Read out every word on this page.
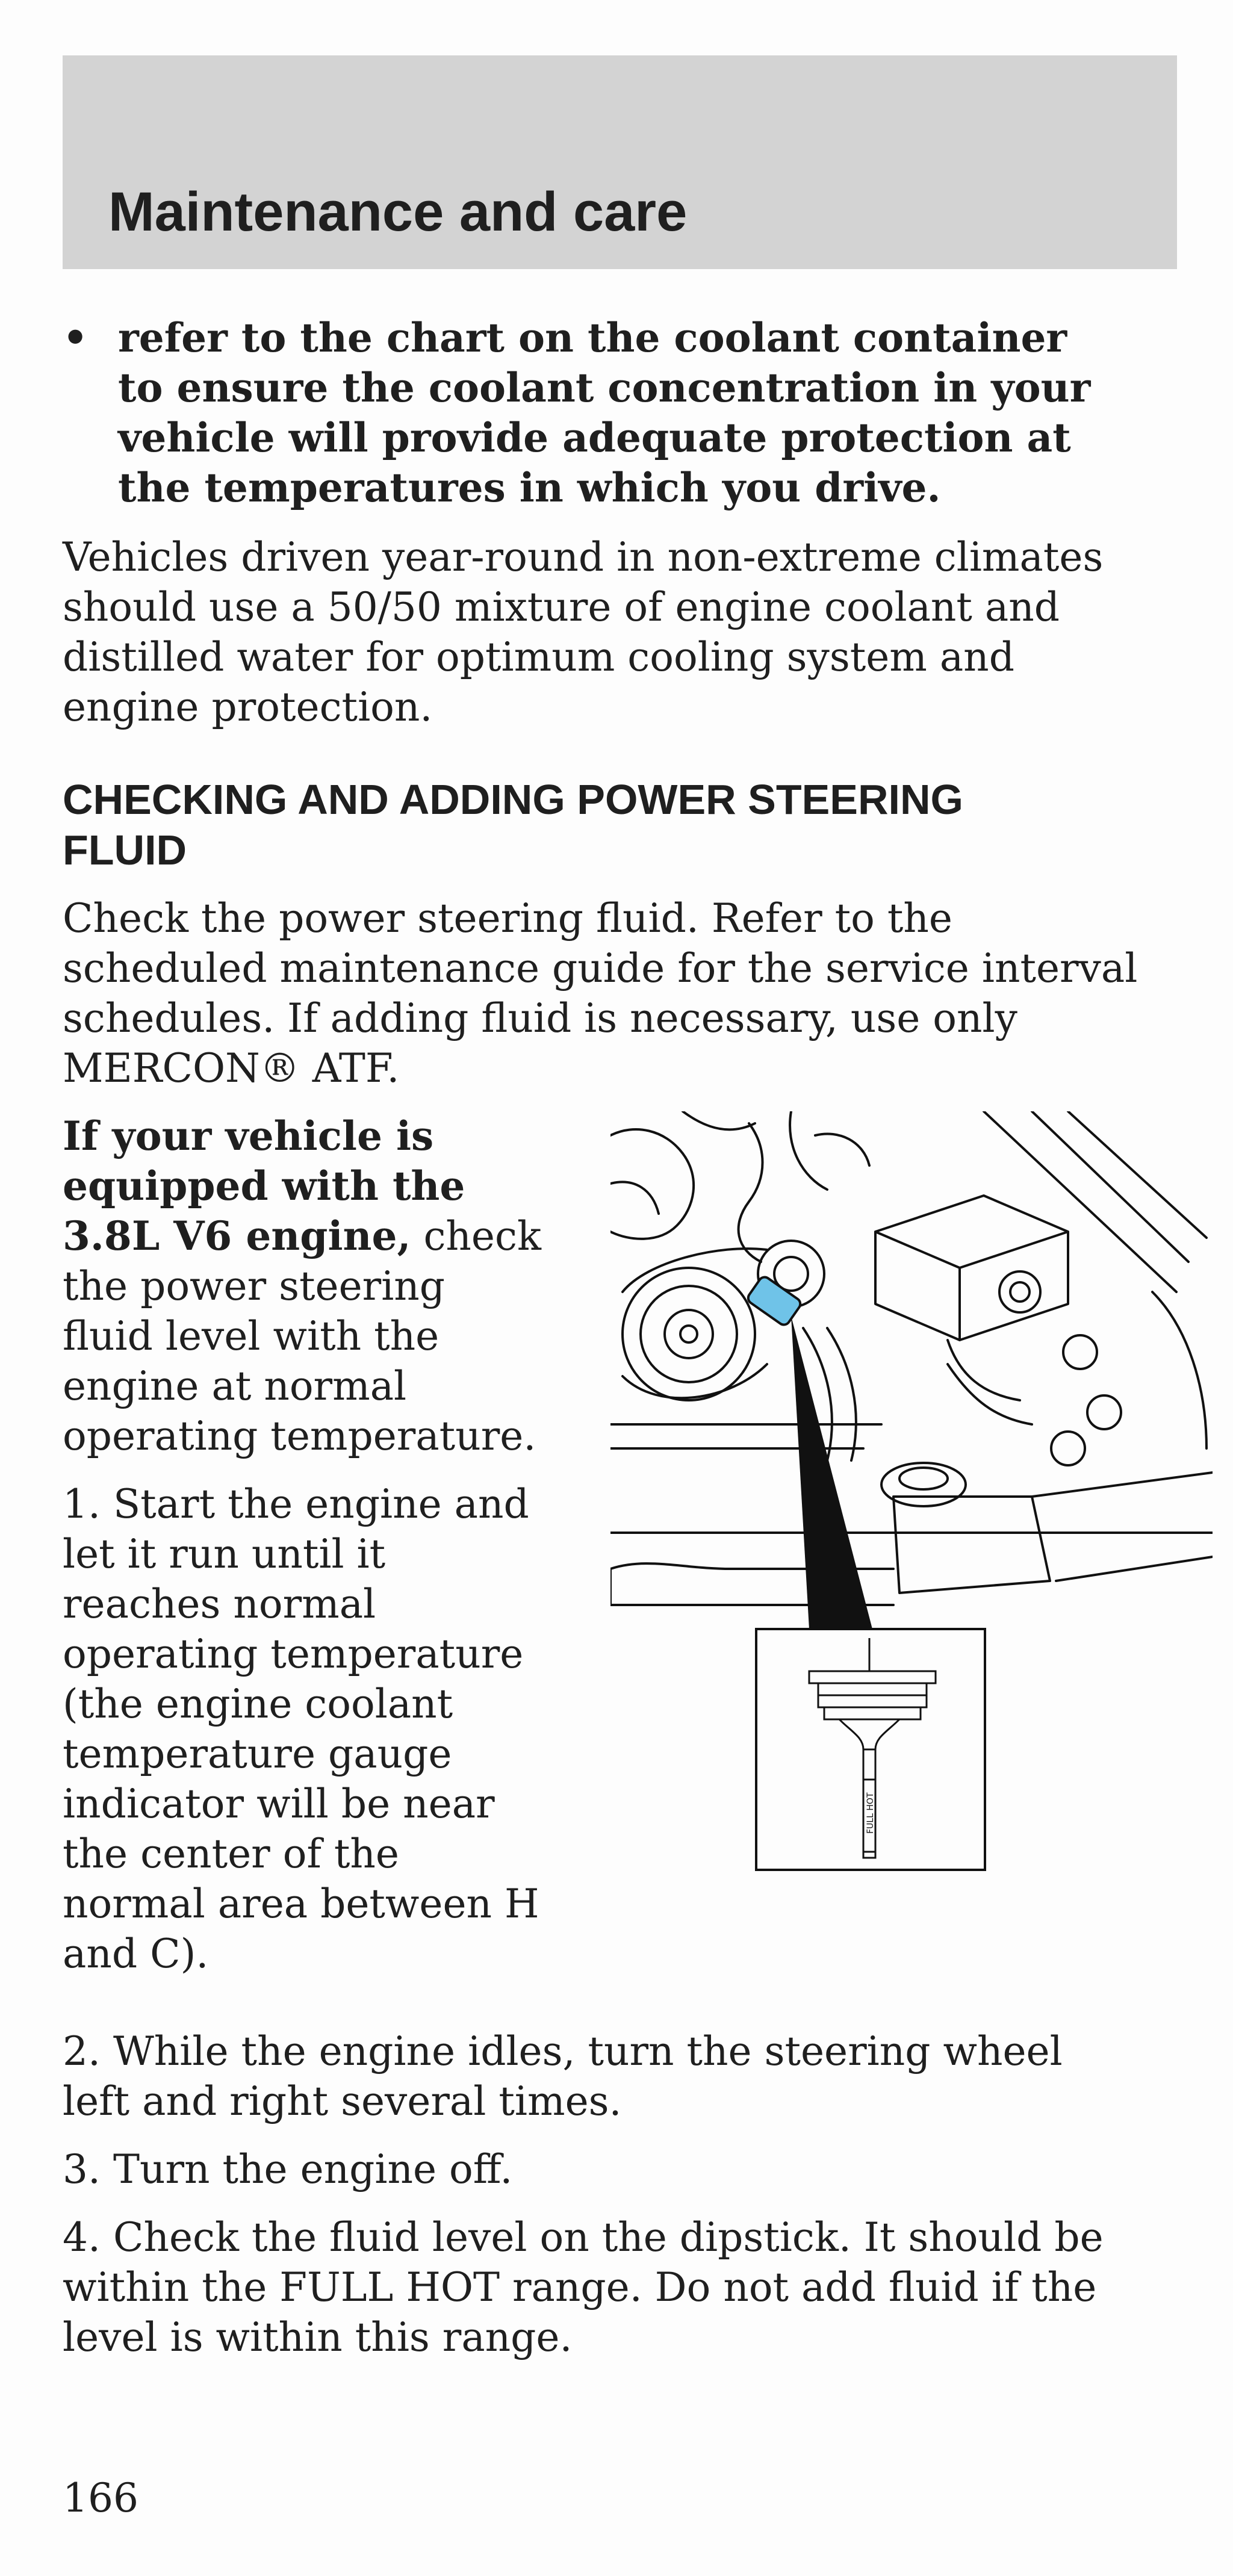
Maintenance and care
• refer to the chart on the coolant container
to ensure the coolant concentration in your
vehicle will provide adequate protection at
the temperatures in which you drive.
Vehicles driven year-round in non-extreme climates
should use a 50/50 mixture of engine coolant and
distilled water for optimum cooling system and
engine protection.
CHECKING AND ADDING POWER STEERING
FLUID
Check the power steering fluid. Refer to the
scheduled maintenance guide for the service interval
schedules. If adding fluid is necessary, use only
MERCON® ATF.
If your vehicle is
equipped with the
3.8L V6 engine, check
the power steering
fluid level with the
engine at normal
operating temperature.
1. Start the engine and
let it run until it
reaches normal
operating temperature
(the engine coolant
temperature gauge
indicator will be near
the center of the
normal area between H
and C).
FULL HOT
2. While the engine idles, turn the steering wheel
left and right several times.
3. Turn the engine off.
4. Check the fluid level on the dipstick. It should be
within the FULL HOT range. Do not add fluid if the
level is within this range.
166
